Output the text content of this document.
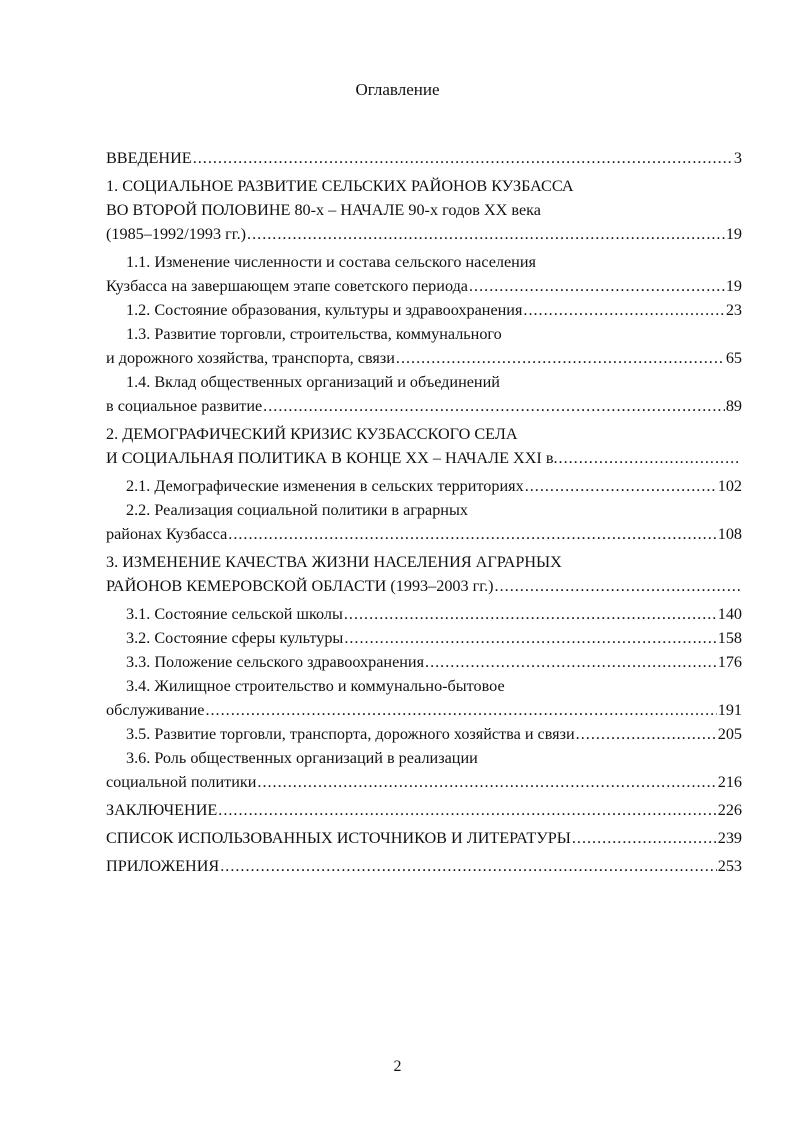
Оглавление
ВВЕДЕНИЕ .....	3
1. СОЦИАЛЬНОЕ РАЗВИТИЕ СЕЛЬСКИХ РАЙОНОВ КУЗБАССА
ВО ВТОРОЙ ПОЛОВИНЕ 80-х – НАЧАЛЕ 90-х годов XX века
(1985–1992/1993 гг.) .....	19
1.1. Изменение численности и состава сельского населения
Кузбасса на завершающем этапе советского периода .....	19
1.2. Состояние образования, культуры и здравоохранения .....	23
1.3. Развитие торговли, строительства, коммунального
и дорожного хозяйства, транспорта, связи .....	65
1.4. Вклад общественных организаций и объединений
в социальное развитие .....	89
2. ДЕМОГРАФИЧЕСКИЙ КРИЗИС КУЗБАССКОГО СЕЛА
И СОЦИАЛЬНАЯ ПОЛИТИКА В КОНЦЕ XX – НАЧАЛЕ XXI в.
.....
2.1. Демографические изменения в сельских территориях .....	102
2.2. Реализация социальной политики в аграрных
районах Кузбасса .....	108
3. ИЗМЕНЕНИЕ КАЧЕСТВА ЖИЗНИ НАСЕЛЕНИЯ АГРАРНЫХ
РАЙОНОВ КЕМЕРОВСКОЙ ОБЛАСТИ (1993–2003 гг.)
.....
3.1. Состояние сельской школы .....	140
3.2. Состояние сферы культуры .....	158
3.3. Положение сельского здравоохранения .....	176
3.4. Жилищное строительство и коммунально-бытовое
обслуживание .....	191
3.5. Развитие торговли, транспорта, дорожного хозяйства и связи .....	205
3.6. Роль общественных организаций в реализации
социальной политики .....	216
ЗАКЛЮЧЕНИЕ .....	226
СПИСОК ИСПОЛЬЗОВАННЫХ ИСТОЧНИКОВ И ЛИТЕРАТУРЫ .....	239
ПРИЛОЖЕНИЯ .....	253
2
